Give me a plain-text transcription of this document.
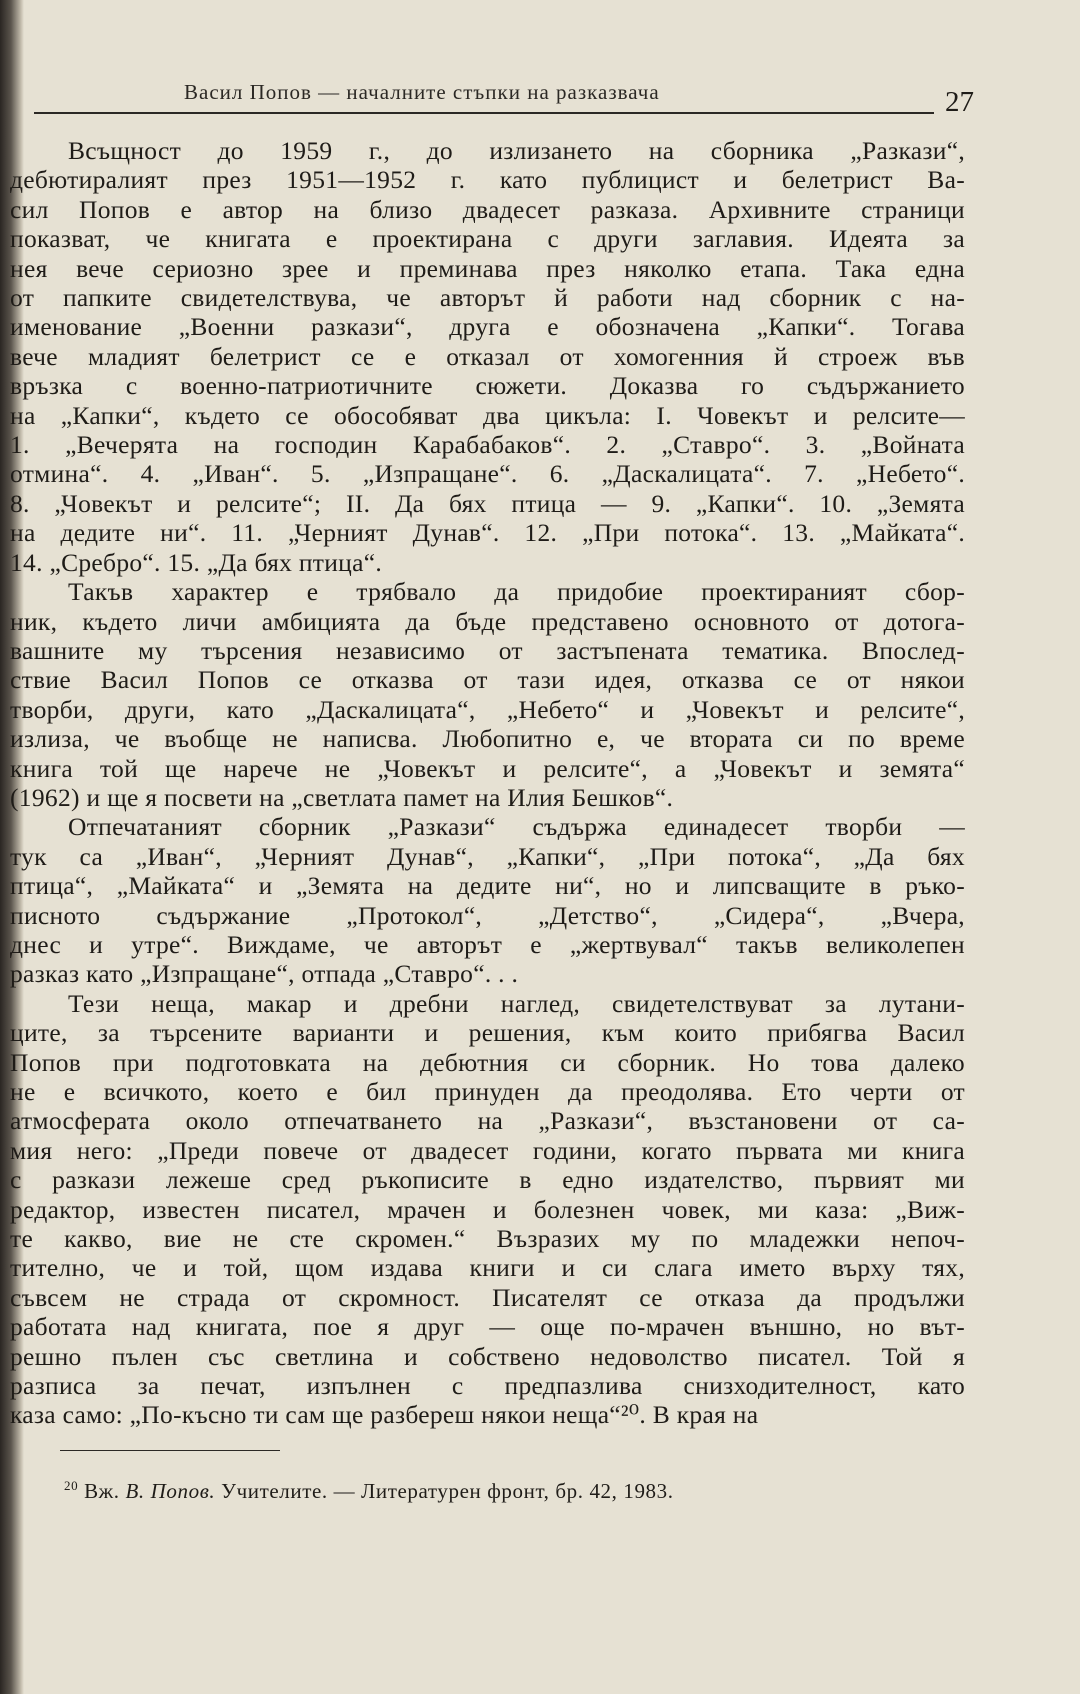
Васил Попов — началните стъпки на разказвача	27
Всъщност до 1959 г., до излизането на сборника „Разкази“,
дебютиралият през 1951—1952 г. като публицист и белетрист Ва-
сил Попов е автор на близо двадесет разказа. Архивните страници
показват, че книгата е проектирана с други заглавия. Идеята за
нея вече сериозно зрее и преминава през няколко етапа. Така една
от папките свидетелствува, че авторът й работи над сборник с на-
именование „Военни разкази“, друга е обозначена „Капки“. Тогава
вече младият белетрист се е отказал от хомогенния й строеж във
връзка с военно-патриотичните сюжети. Доказва го съдържанието
на „Капки“, където се обособяват два цикъла: I. Човекът и релсите—
1. „Вечерята на господин Карабабаков“. 2. „Ставро“. 3. „Войната
отмина“. 4. „Иван“. 5. „Изпращане“. 6. „Даскалицата“. 7. „Небето“.
8. „Човекът и релсите“; II. Да бях птица — 9. „Капки“. 10. „Земята
на дедите ни“. 11. „Черният Дунав“. 12. „При потока“. 13. „Майката“.
14. „Сребро“. 15. „Да бях птица“.
Такъв характер е трябвало да придобие проектираният сбор-
ник, където личи амбицията да бъде представено основното от дотога-
вашните му търсения независимо от застъпената тематика. Впослед-
ствие Васил Попов се отказва от тази идея, отказва се от някои
творби, други, като „Даскалицата“, „Небето“ и „Човекът и релсите“,
излиза, че въобще не написва. Любопитно е, че втората си по време
книга той ще нарече не „Човекът и релсите“, а „Човекът и земята“
(1962) и ще я посвети на „светлата памет на Илия Бешков“.
Отпечатаният сборник „Разкази“ съдържа единадесет творби —
тук са „Иван“, „Черният Дунав“, „Капки“, „При потока“, „Да бях
птица“, „Майката“ и „Земята на дедите ни“, но и липсващите в ръко-
писното съдържание „Протокол“, „Детство“, „Сидера“, „Вчера,
днес и утре“. Виждаме, че авторът е „жертвувал“ такъв великолепен
разказ като „Изпращане“, отпада „Ставро“. . .
Тези неща, макар и дребни наглед, свидетелствуват за лутани-
ците, за търсените варианти и решения, към които прибягва Васил
Попов при подготовката на дебютния си сборник. Но това далеко
не е всичкото, което е бил принуден да преодолява. Ето черти от
атмосферата около отпечатването на „Разкази“, възстановени от са-
мия него: „Преди повече от двадесет години, когато първата ми книга
с разкази лежеше сред ръкописите в едно издателство, първият ми
редактор, известен писател, мрачен и болезнен човек, ми каза: „Виж-
те какво, вие не сте скромен.“ Възразих му по младежки непоч-
тително, че и той, щом издава книги и си слага името върху тях,
съвсем не страда от скромност. Писателят се отказа да продължи
работата над книгата, пое я друг — още по-мрачен външно, но вът-
решно пълен със светлина и собствено недоволство писател. Той я
разписа за печат, изпълнен с предпазлива снизходителност, като
каза само: „По-късно ти сам ще разбереш някои неща“²⁰. В края на
$^{20}$ Вж. В. Попов. Учителите. — Литературен фронт, бр. 42, 1983.
